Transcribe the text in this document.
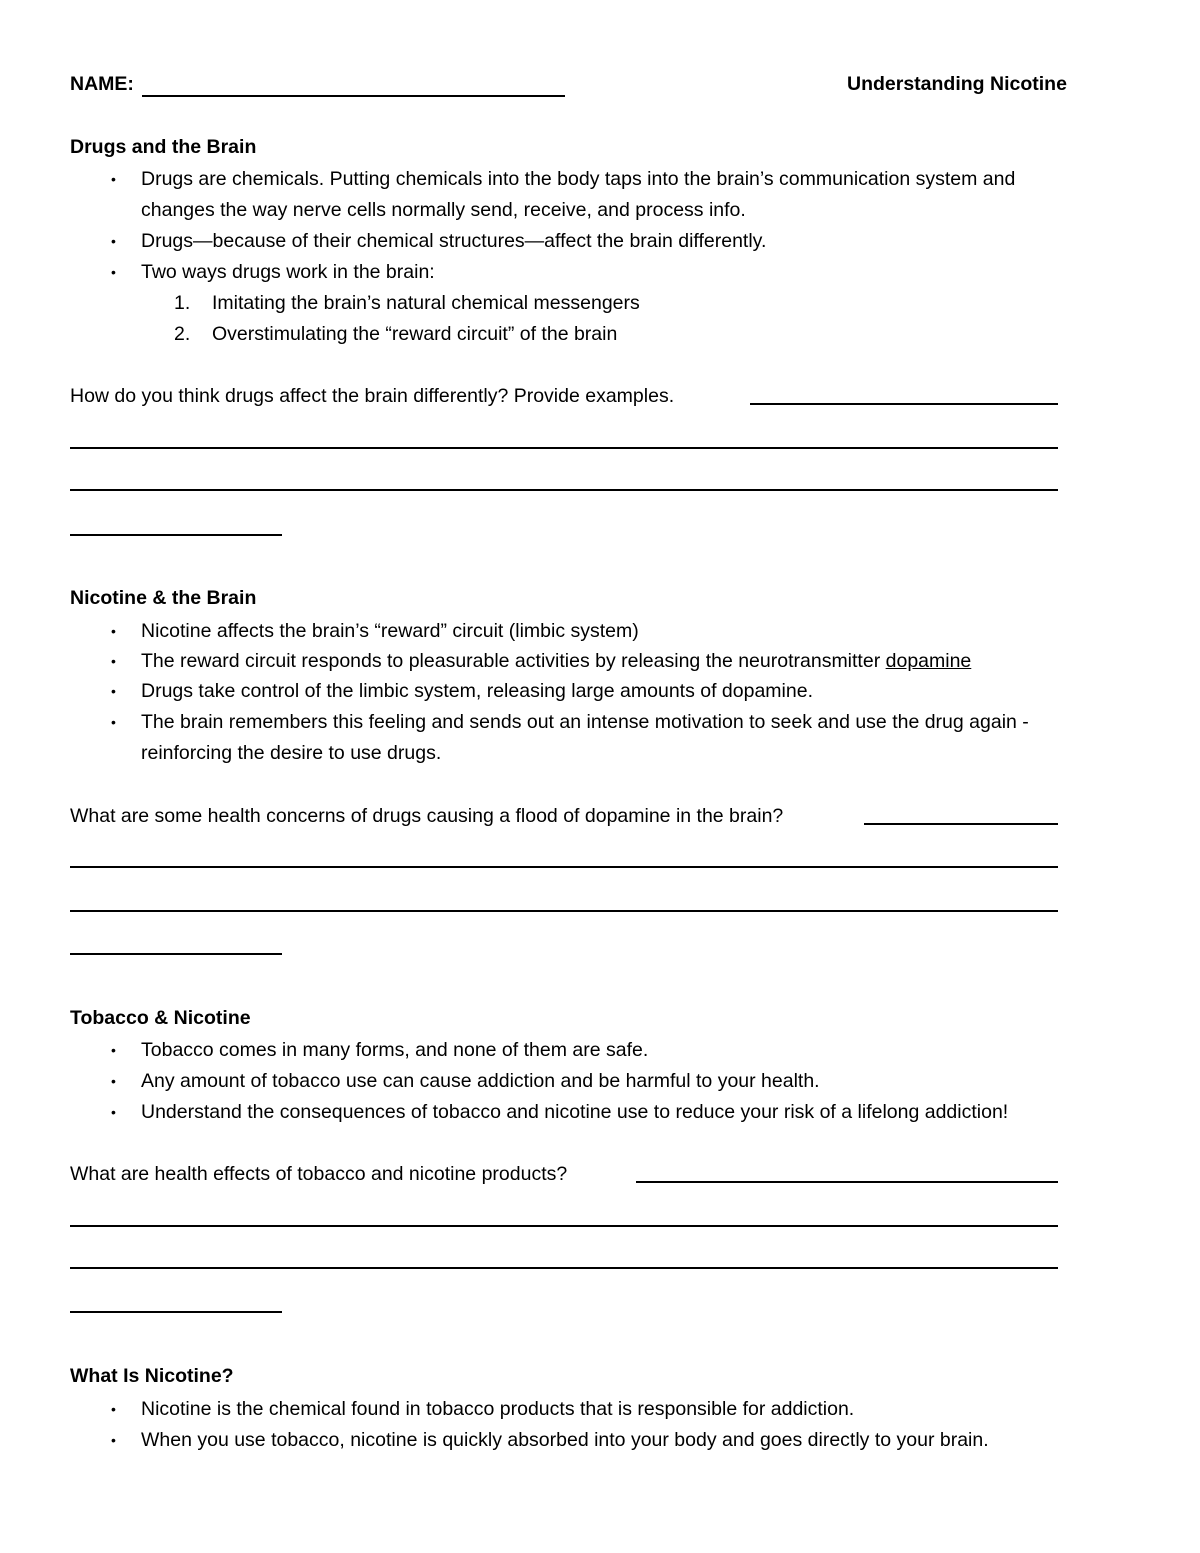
NAME:	Understanding Nicotine
Drugs and the Brain
• Drugs are chemicals. Putting chemicals into the body taps into the brain’s communication system and
changes the way nerve cells normally send, receive, and process info.
• Drugs—because of their chemical structures—affect the brain differently.
• Two ways drugs work in the brain:
1. Imitating the brain’s natural chemical messengers
2. Overstimulating the “reward circuit” of the brain
How do you think drugs affect the brain differently? Provide examples.
Nicotine & the Brain
• Nicotine affects the brain’s “reward” circuit (limbic system)
• The reward circuit responds to pleasurable activities by releasing the neurotransmitter dopamine
• Drugs take control of the limbic system, releasing large amounts of dopamine.
• The brain remembers this feeling and sends out an intense motivation to seek and use the drug again -
reinforcing the desire to use drugs.
What are some health concerns of drugs causing a flood of dopamine in the brain?
Tobacco & Nicotine
• Tobacco comes in many forms, and none of them are safe.
• Any amount of tobacco use can cause addiction and be harmful to your health.
• Understand the consequences of tobacco and nicotine use to reduce your risk of a lifelong addiction!
What are health effects of tobacco and nicotine products?
What Is Nicotine?
• Nicotine is the chemical found in tobacco products that is responsible for addiction.
• When you use tobacco, nicotine is quickly absorbed into your body and goes directly to your brain.
